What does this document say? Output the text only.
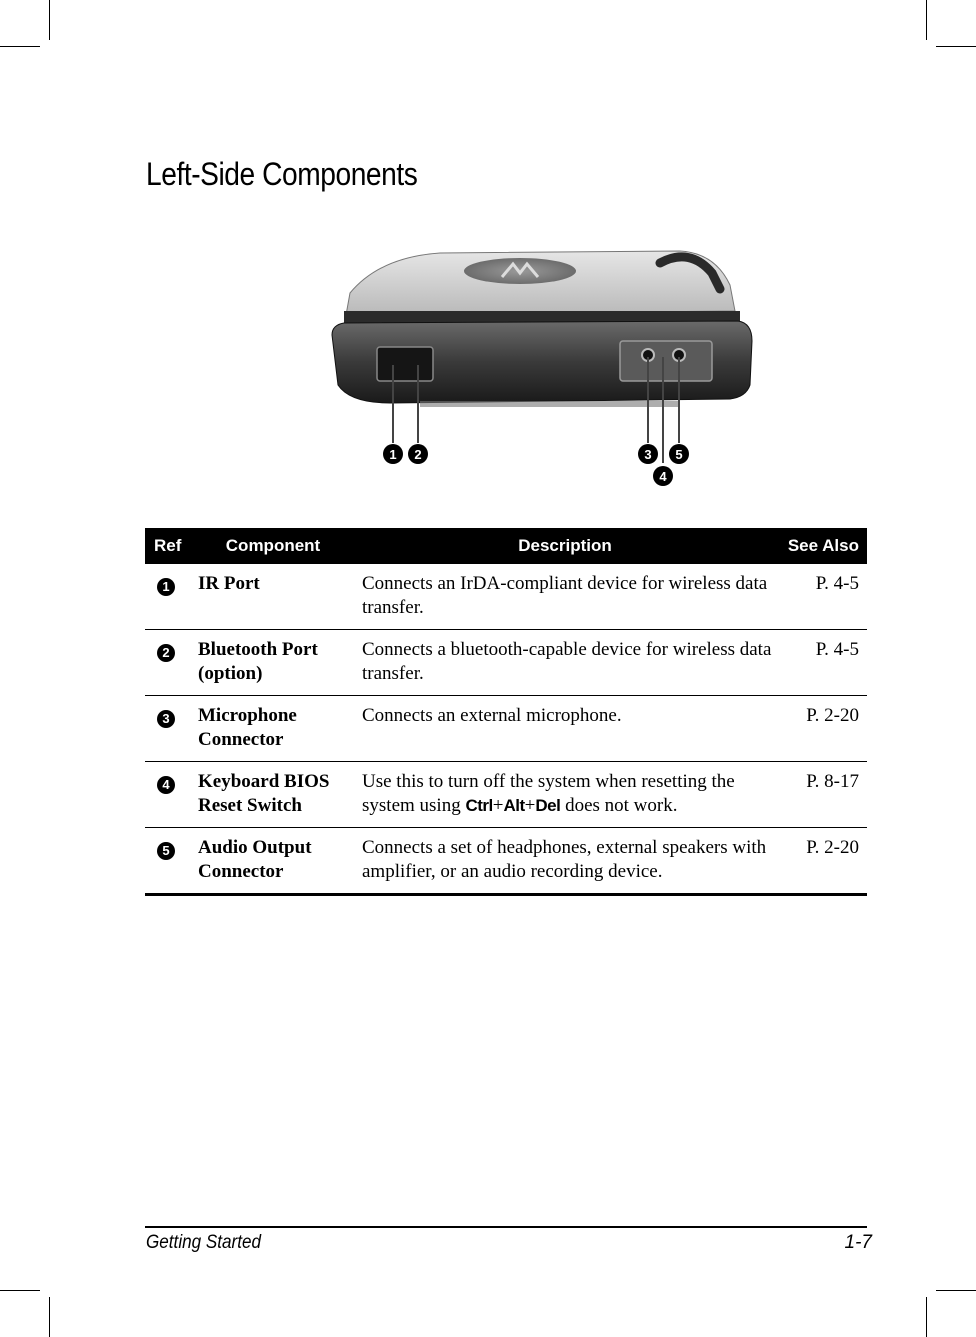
Left-Side Components
1 2	3
4
5
Ref	Component	Description	See Also
1	IR Port	Connects an IrDA-compliant device for wireless data transfer.	P. 4-5
2	Bluetooth Port (option)	Connects a bluetooth-capable device for wireless data transfer.	P. 4-5
3	Microphone Connector	Connects an external microphone.	P. 2-20
4	Keyboard BIOS Reset Switch	Use this to turn off the system when resetting the system using Ctrl+Alt+Del does not work.	P. 8-17
5	Audio Output Connector	Connects a set of headphones, external speakers with amplifier, or an audio recording device.	P. 2-20
Getting Started	1-7
